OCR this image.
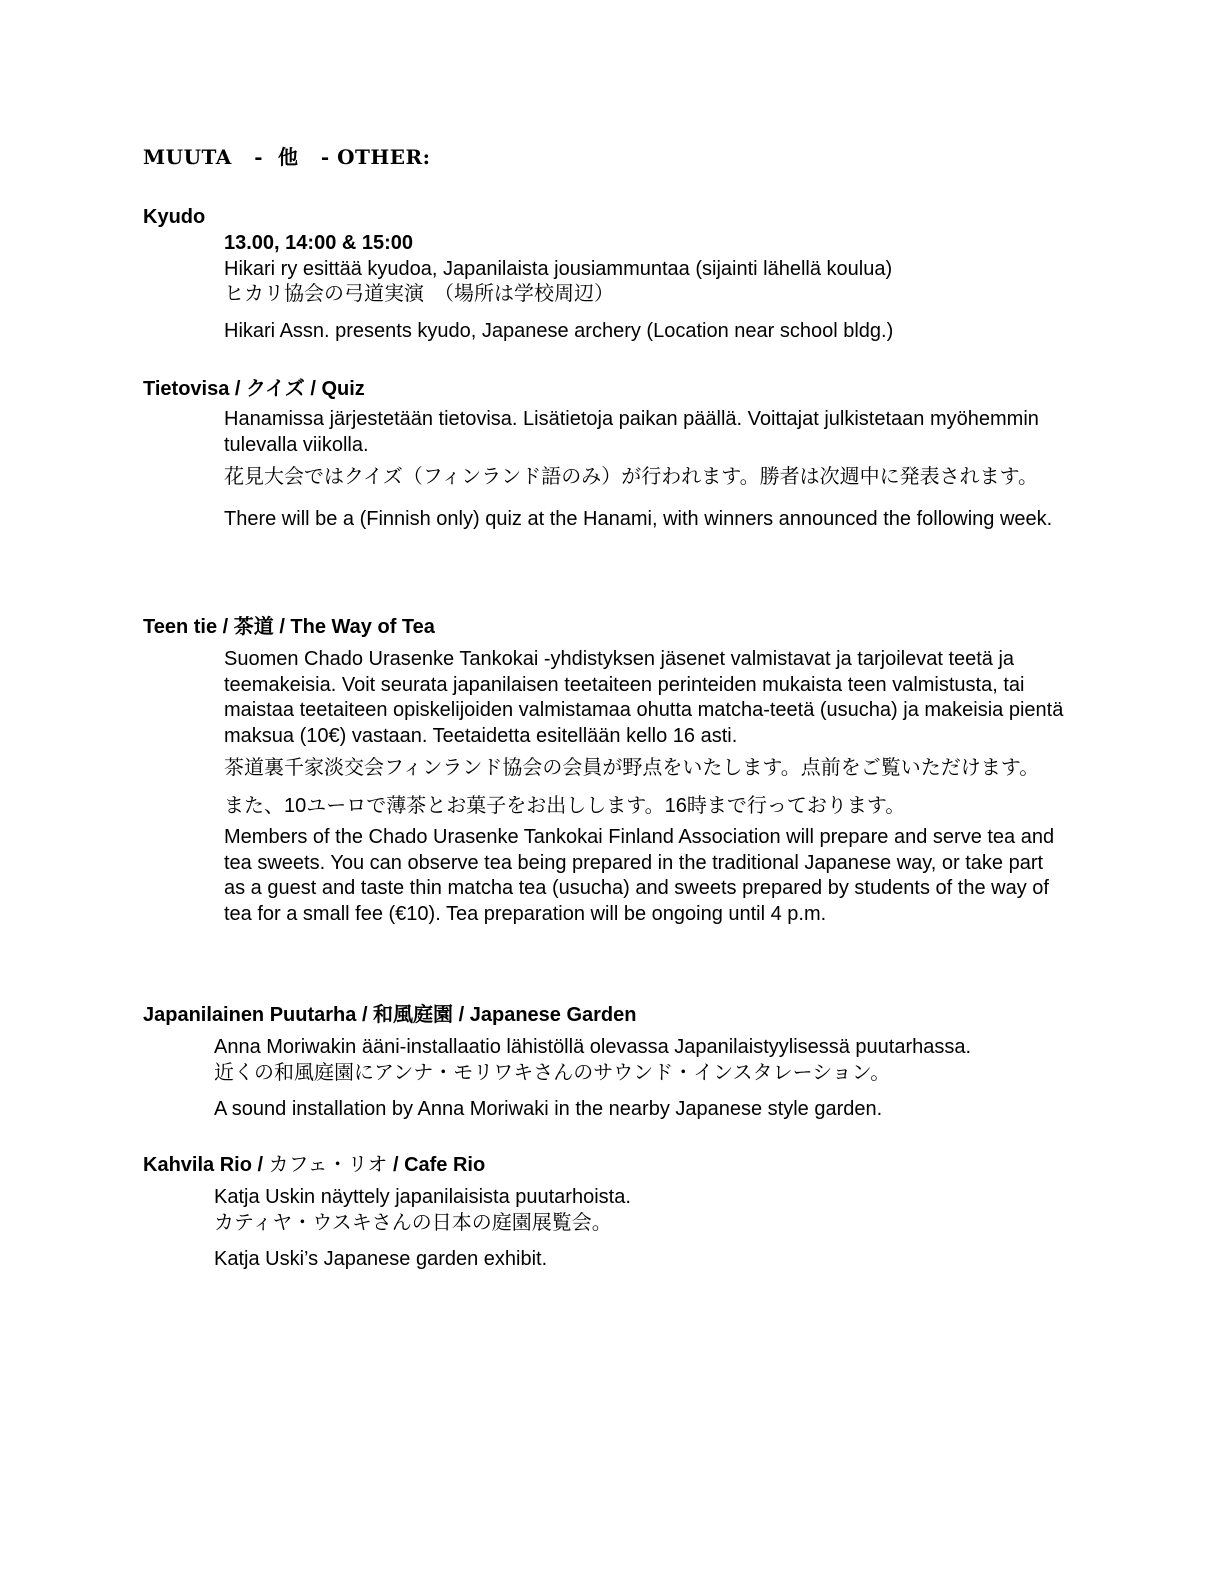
MUUTA   -  他   - OTHER:
Kyudo

13.00, 14:00 & 15:00

Hikari ry esittää kyudoa, Japanilaista jousiammuntaa (sijainti lähellä koulua)

ヒカリ協会の弓道実演　（場所は学校周辺）

Hikari Assn. presents kyudo, Japanese archery (Location near school bldg.)

Tietovisa / クイズ / Quiz

Hanamissa järjestetään tietovisa. Lisätietoja paikan päällä. Voittajat julkistetaan myöhemmin tulevalla viikolla.

花見大会ではクイズ（フィンランド語のみ）が行われます。勝者は次週中に発表されます。

There will be a (Finnish only) quiz at the Hanami, with winners announced the following week.

Teen tie / 茶道 / The Way of Tea

Suomen Chado Urasenke Tankokai -yhdistyksen jäsenet valmistavat ja tarjoilevat teetä ja teemakeisia. Voit seurata japanilaisen teetaiteen perinteiden mukaista teen valmistusta, tai maistaa teetaiteen opiskelijoiden valmistamaa ohutta matcha-teetä (usucha) ja makeisia pientä maksua (10€) vastaan. Teetaidetta esitellään kello 16 asti.

茶道裏千家淡交会フィンランド協会の会員が野点をいたします。点前をご覧いただけます。また、10ユーロで薄茶とお菓子をお出しします。16時まで行っております。

Members of the Chado Urasenke Tankokai Finland Association will prepare and serve tea and tea sweets. You can observe tea being prepared in the traditional Japanese way, or take part as a guest and taste thin matcha tea (usucha) and sweets prepared by students of the way of tea for a small fee (€10). Tea preparation will be ongoing until 4 p.m.

Japanilainen Puutarha / 和風庭園 / Japanese Garden

Anna Moriwakin ääni-installaatio lähistöllä olevassa Japanilaistyylisessä puutarhassa.

近くの和風庭園にアンナ・モリワキさんのサウンド・インスタレーション。

A sound installation by Anna Moriwaki in the nearby Japanese style garden.

Kahvila Rio / カフェ・リオ / Cafe Rio

Katja Uskin näyttely japanilaisista puutarhoista.

カティヤ・ウスキさんの日本の庭園展覧会。

Katja Uski’s Japanese garden exhibit.
